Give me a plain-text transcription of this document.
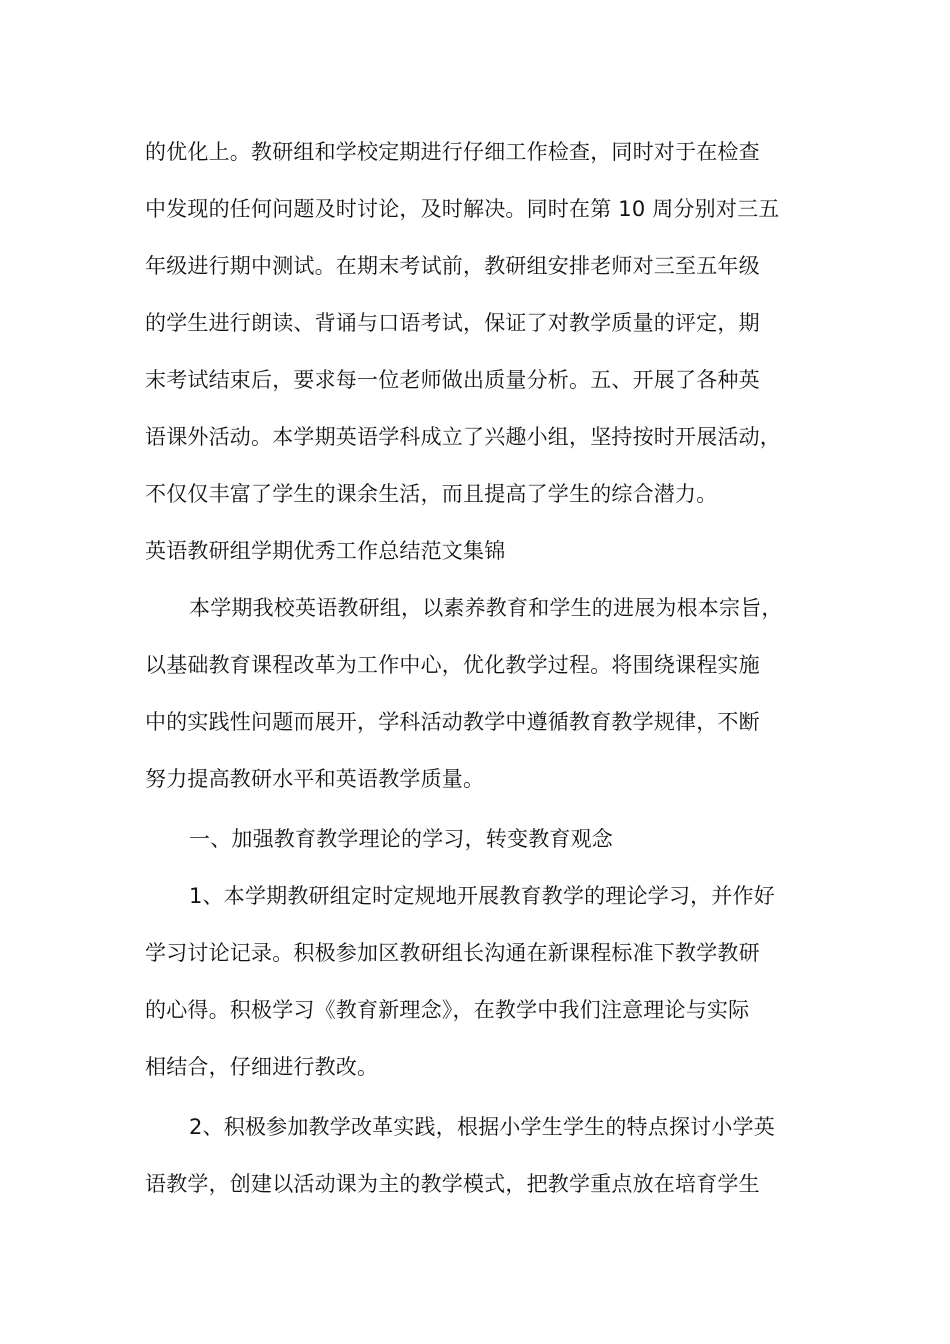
的优化上。教研组和学校定期进行仔细工作检查，同时对于在检查
中发现的任何问题及时讨论，及时解决。同时在第 10 周分别对三五
年级进行期中测试。在期末考试前，教研组安排老师对三至五年级
的学生进行朗读、背诵与口语考试，保证了对教学质量的评定，期
末考试结束后，要求每一位老师做出质量分析。五、开展了各种英
语课外活动。本学期英语学科成立了兴趣小组，坚持按时开展活动，
不仅仅丰富了学生的课余生活，而且提高了学生的综合潜力。
英语教研组学期优秀工作总结范文集锦
本学期我校英语教研组，以素养教育和学生的进展为根本宗旨，
以基础教育课程改革为工作中心，优化教学过程。将围绕课程实施
中的实践性问题而展开，学科活动教学中遵循教育教学规律，不断
努力提高教研水平和英语教学质量。
一、加强教育教学理论的学习，转变教育观念
1、本学期教研组定时定规地开展教育教学的理论学习，并作好
学习讨论记录。积极参加区教研组长沟通在新课程标准下教学教研
的心得。积极学习《教育新理念》，在教学中我们注意理论与实际
相结合，仔细进行教改。
2、积极参加教学改革实践，根据小学生学生的特点探讨小学英
语教学，创建以活动课为主的教学模式，把教学重点放在培育学生
